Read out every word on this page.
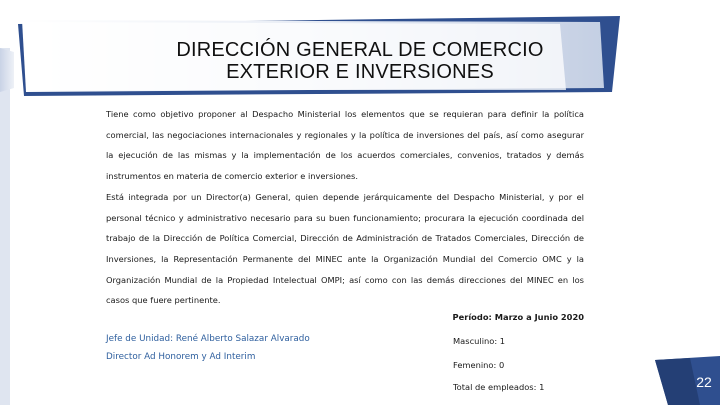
DIRECCIÓN GENERAL DE COMERCIO
EXTERIOR E INVERSIONES

Tiene como objetivo proponer al Despacho Ministerial los elementos que se requieran para definir la política comercial, las negociaciones internacionales y regionales y la política de inversiones del país, así como asegurar la ejecución de las mismas y la implementación de los acuerdos comerciales, convenios, tratados y demás instrumentos en materia de comercio exterior e inversiones.

Está integrada por un Director(a) General, quien depende jerárquicamente del Despacho Ministerial, y por el personal técnico y administrativo necesario para su buen funcionamiento; procurara la ejecución coordinada del trabajo de la Dirección de Política Comercial, Dirección de Administración de Tratados Comerciales, Dirección de Inversiones, la Representación Permanente del MINEC ante la Organización Mundial del Comercio OMC y la Organización Mundial de la Propiedad Intelectual OMPI; así como con las demás direcciones del MINEC en los casos que fuere pertinente.

Período: Marzo a Junio 2020
Jefe de Unidad: René Alberto Salazar Alvarado
Director Ad Honorem y Ad Interim
Masculino: 1
Femenino: 0
Total de empleados: 1	22
